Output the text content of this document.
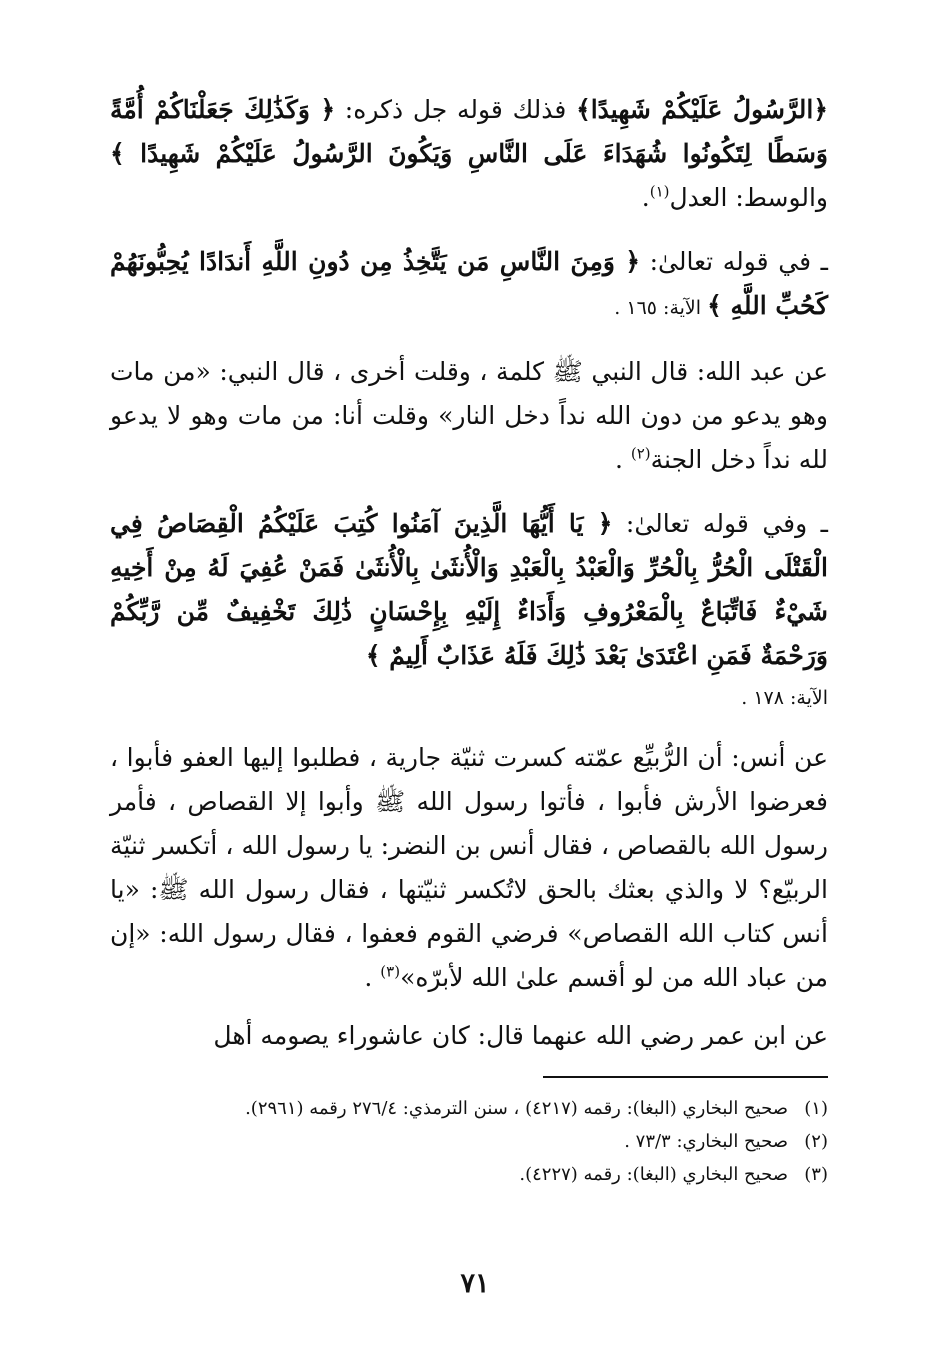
﴿الرَّسُولُ عَلَيْكُمْ شَهِيدًا﴾ فذلك قوله جل ذكره: ﴿ وَكَذَٰلِكَ جَعَلْنَاكُمْ أُمَّةً وَسَطًا لِتَكُونُوا شُهَدَاءَ عَلَى النَّاسِ وَيَكُونَ الرَّسُولُ عَلَيْكُمْ شَهِيدًا ﴾ والوسط: العدل$^{(١)}$.

ـ في قوله تعالىٰ: ﴿ وَمِنَ النَّاسِ مَن يَتَّخِذُ مِن دُونِ اللَّهِ أَندَادًا يُحِبُّونَهُمْ كَحُبِّ اللَّهِ ﴾ الآية: ١٦٥ .

عن عبد الله: قال النبي ﷺ كلمة ، وقلت أخرى ، قال النبي: «من مات وهو يدعو من دون الله نداً دخل النار» وقلت أنا: من مات وهو لا يدعو لله نداً دخل الجنة$^{(٢)}$ .

ـ وفي قوله تعالىٰ: ﴿ يَا أَيُّهَا الَّذِينَ آمَنُوا كُتِبَ عَلَيْكُمُ الْقِصَاصُ فِي الْقَتْلَى الْحُرُّ بِالْحُرِّ وَالْعَبْدُ بِالْعَبْدِ وَالْأُنثَىٰ بِالْأُنثَىٰ فَمَنْ عُفِيَ لَهُ مِنْ أَخِيهِ شَيْءٌ فَاتِّبَاعٌ بِالْمَعْرُوفِ وَأَدَاءٌ إِلَيْهِ بِإِحْسَانٍ ذَٰلِكَ تَخْفِيفٌ مِّن رَّبِّكُمْ وَرَحْمَةٌ فَمَنِ اعْتَدَىٰ بَعْدَ ذَٰلِكَ فَلَهُ عَذَابٌ أَلِيمٌ ﴾

الآية: ١٧٨ .

عن أنس: أن الرُّبيِّع عمّته كسرت ثنيّة جارية ، فطلبوا إليها العفو فأبوا ، فعرضوا الأرش فأبوا ، فأتوا رسول الله ﷺ وأبوا إلا القصاص ، فأمر رسول الله بالقصاص ، فقال أنس بن النضر: يا رسول الله ، أتكسر ثنيّة الربيّع؟ لا والذي بعثك بالحق لاتُكسر ثنيّتها ، فقال رسول الله ﷺ: «يا أنس كتاب الله القصاص» فرضي القوم فعفوا ، فقال رسول الله: «إن من عباد الله من لو أقسم علىٰ الله لأبرّه»$^{(٣)}$ .

عن ابن عمر رضي الله عنهما قال: كان عاشوراء يصومه أهل

(١)
صحيح البخاري (البغا): رقمه (٤٢١٧) ، سنن الترمذي: ٢٧٦/٤ رقمه (٢٩٦١).

(٢)
صحيح البخاري: ٧٣/٣ .

(٣)
صحيح البخاري (البغا): رقمه (٤٢٢٧).

٧١
